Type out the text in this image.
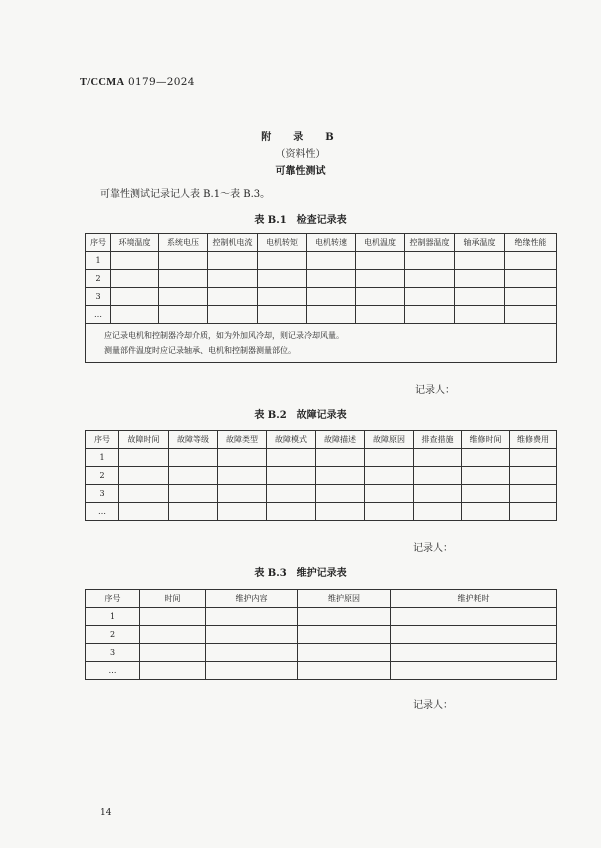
T/CCMA 0179—2024
附　录　B
（资料性）
可靠性测试
可靠性测试记录记人表 B.1～表 B.3。
表 B.1　检查记录表
序号	环境温度	系统电压	控制机电流	电机转矩	电机转速	电机温度	控制器温度	轴承温度	绝缘性能
1									
2									
3									
…									

应记录电机和控制器冷却介质，如为外加风冷却，则记录冷却风量。
测量部件温度时应记录轴承、电机和控制器测量部位。									
记录人：
表 B.2　故障记录表
序号	故障时间	故障等级	故障类型	故障模式	故障描述	故障原因	排查措施	维修时间	维修费用
1									
2									
3									
…									
记录人：
表 B.3　维护记录表
序号	时间	维护内容	维护原因	维护耗时
1				
2				
3				
…				
记录人：
14
